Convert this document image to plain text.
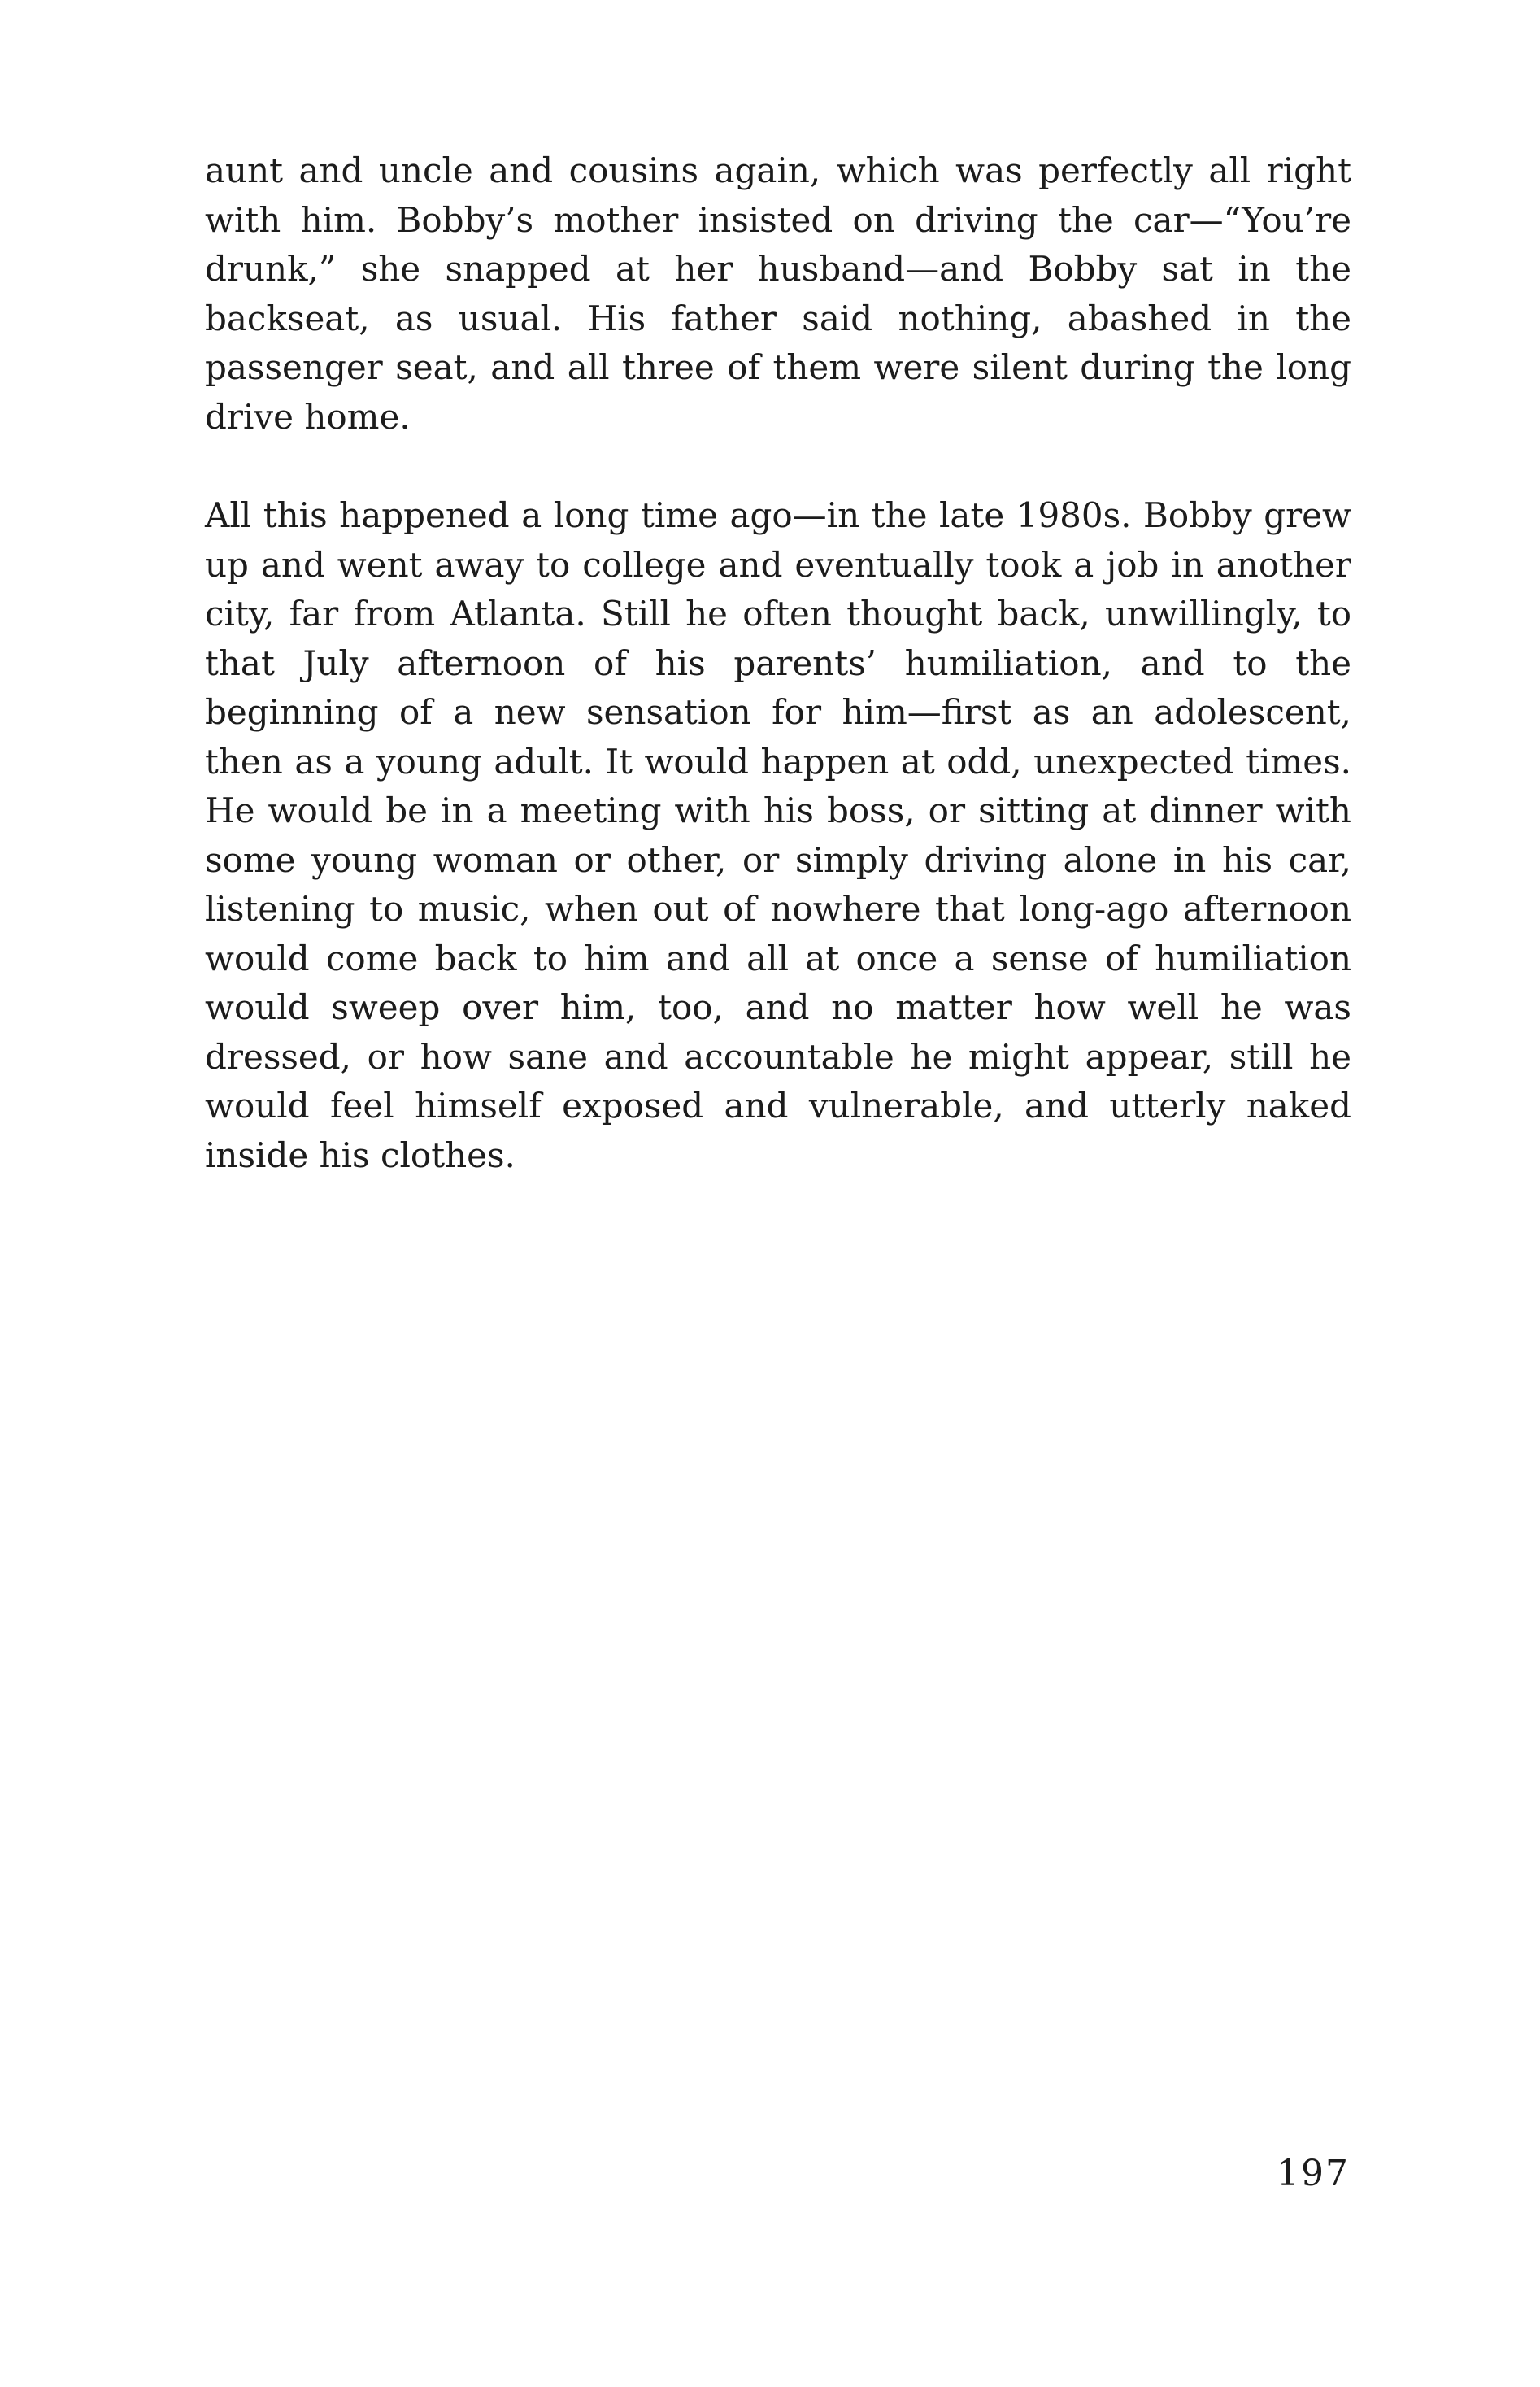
aunt and uncle and cousins again, which was perfectly all right with him. Bobby’s mother insisted on driving the car—“You’re drunk,” she snapped at her husband—and Bobby sat in the backseat, as usual. His father said nothing, abashed in the passenger seat, and all three of them were silent during the long drive home.

All this happened a long time ago—in the late 1980s. Bobby grew up and went away to college and eventually took a job in another city, far from Atlanta. Still he often thought back, unwillingly, to that July afternoon of his parents’ humiliation, and to the beginning of a new sensation for him—first as an adolescent, then as a young adult. It would happen at odd, unexpected times. He would be in a meeting with his boss, or sitting at dinner with some young woman or other, or simply driving alone in his car, listening to music, when out of nowhere that long-ago afternoon would come back to him and all at once a sense of humiliation would sweep over him, too, and no matter how well he was dressed, or how sane and accountable he might appear, still he would feel himself exposed and vulnerable, and utterly naked inside his clothes.

197
